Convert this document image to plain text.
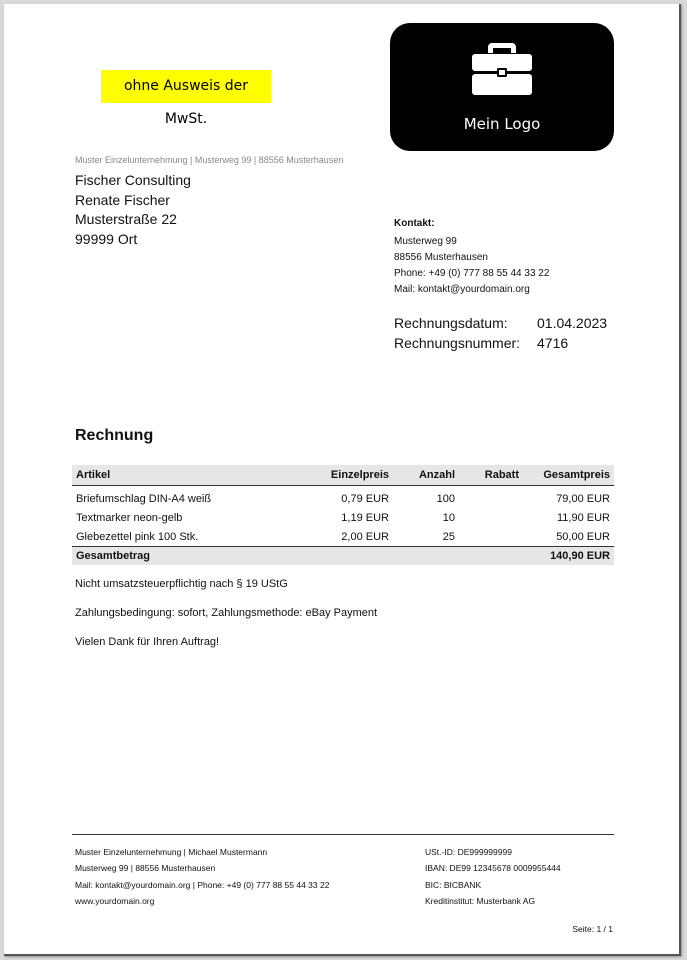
ohne Ausweis der MwSt.	Mein Logo
Muster Einzelunternehmung | Musterweg 99 | 88556 Musterhausen
Fischer Consulting
Renate Fischer
Musterstraße 22
99999 Ort
Kontakt:
Musterweg 99
88556 Musterhausen
Phone: +49 (0) 777 88 55 44 33 22
Mail: kontakt@yourdomain.org
Rechnungsdatum:	01.04.2023
Rechnungsnummer:	4716
Rechnung
Artikel	Einzelpreis	Anzahl	Rabatt	Gesamtpreis
Briefumschlag DIN-A4 weiß	0,79 EUR	100		79,00 EUR
Textmarker neon-gelb	1,19 EUR	10		11,90 EUR
Glebezettel pink 100 Stk.	2,00 EUR	25		50,00 EUR
Gesamtbetrag				140,90 EUR
Nicht umsatzsteuerpflichtig nach § 19 UStG
Zahlungsbedingung: sofort, Zahlungsmethode: eBay Payment
Vielen Dank für Ihren Auftrag!
Muster Einzelunternehmung | Michael Mustermann
Musterweg 99 | 88556 Musterhausen
Mail: kontakt@yourdomain.org | Phone: +49 (0) 777 88 55 44 33 22
www.yourdomain.org
USt.-ID: DE999999999
IBAN: DE99 12345678 0009955444
BIC: BICBANK
Kreditinstitut: Musterbank AG
Seite: 1 / 1
